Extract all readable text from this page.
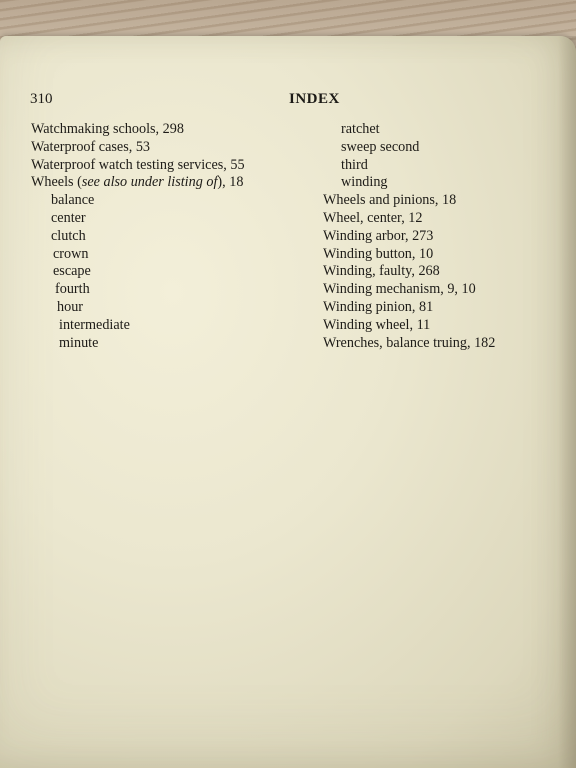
310	INDEX
Watchmaking schools, 298
Waterproof cases, 53
Waterproof watch testing services, 55
Wheels (see also under listing of), 18
balance
center
clutch
crown
escape
fourth
hour
intermediate
minute
ratchet
sweep second
third
winding
Wheels and pinions, 18
Wheel, center, 12
Winding arbor, 273
Winding button, 10
Winding, faulty, 268
Winding mechanism, 9, 10
Winding pinion, 81
Winding wheel, 11
Wrenches, balance truing, 182
